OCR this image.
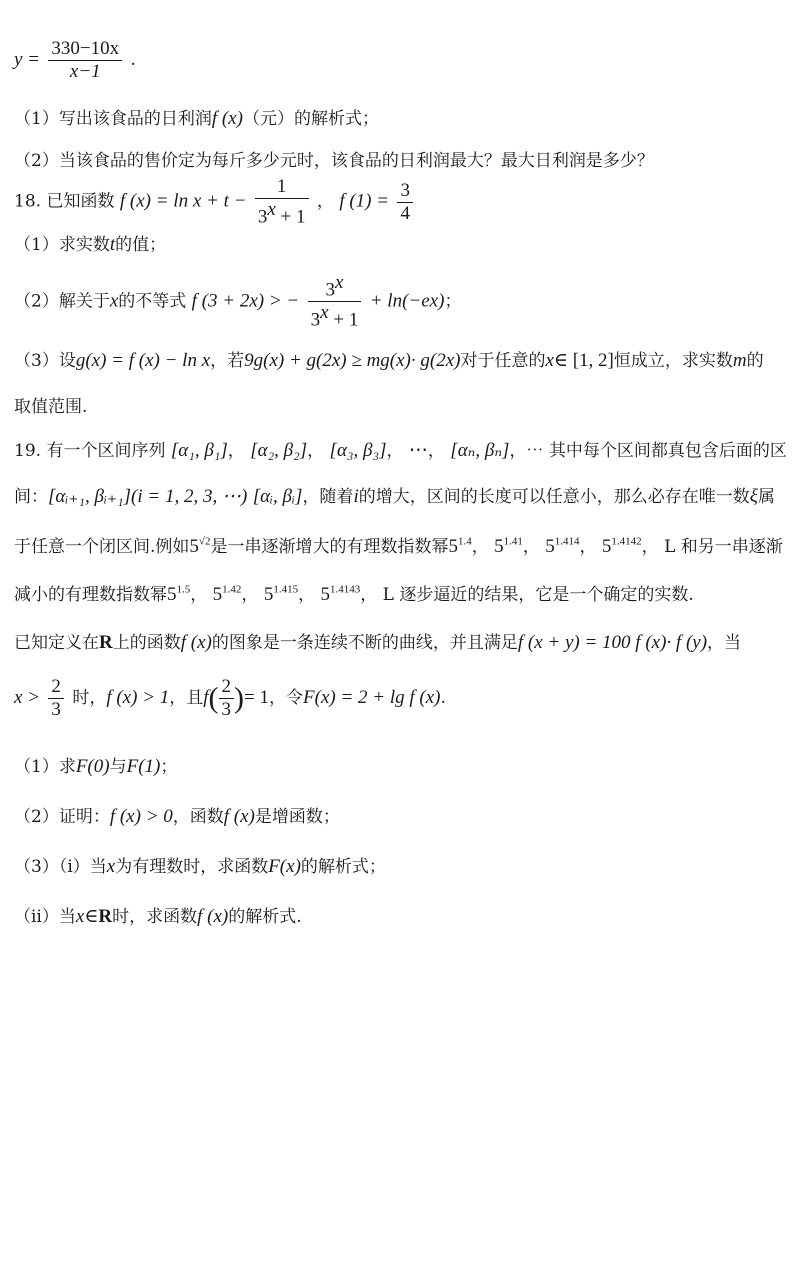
$y = \frac{330-10x}{x-1}$ .
（1）写出该食品的日利润f (x)（元）的解析式；
（2）当该食品的售价定为每斤多少元时，该食品的日利润最大？最大日利润是多少？
18. 已知函数 f $(x) = \ln x + t - \frac{1}{3^x + 1}$ ， f $(1) = \frac{3}{4}$
（1）求实数t的值；
（2）解关于x的不等式 f (3 + 2x) > − $\frac{3^x}{3^x + 1} + \ln(-ex)$；
（3）设g(x) = f (x) − ln x，若9g(x) + g(2x) ≥ mg(x)· g(2x)对于任意的x∈ [1, 2]恒成立，求实数m的
取值范围.
19. 有一个区间序列 [α₁, β₁]， [α₂, β₂]， [α₃, β₃]， ⋯， [αₙ, βₙ]，⋯ 其中每个区间都真包含后面的区
间：[αᵢ₊₁, βᵢ₊₁](i = 1, 2, 3, ⋯) [αᵢ, βᵢ]，随着i的增大，区间的长度可以任意小，那么必存在唯一数ξ属
于任意一个闭区间.例如$5^{√2}$是一串逐渐增大的有理数指数幂$5^{1.4}$， $5^{1.41}$， $5^{1.414}$， $5^{1.4142}$， L 和另一串逐渐
减小的有理数指数幂$5^{1.5}$， $5^{1.42}$， $5^{1.415}$， $5^{1.4143}$， L 逐步逼近的结果，它是一个确定的实数.
已知定义在R上的函数f (x)的图象是一条连续不断的曲线，并且满足f (x + y) = 100 f (x)· f (y)，当
$x > \frac{2}{3}$ 时，f (x) > 1，且$f( \frac{2}{3}$ )= 1，令F(x) = 2 + lg f (x).
（1）求F(0)与F(1)；
（2）证明：f (x) > 0，函数f (x)是增函数；
（3）（i）当x为有理数时，求函数F(x)的解析式；
（ii）当x∈R时，求函数f (x)的解析式.
